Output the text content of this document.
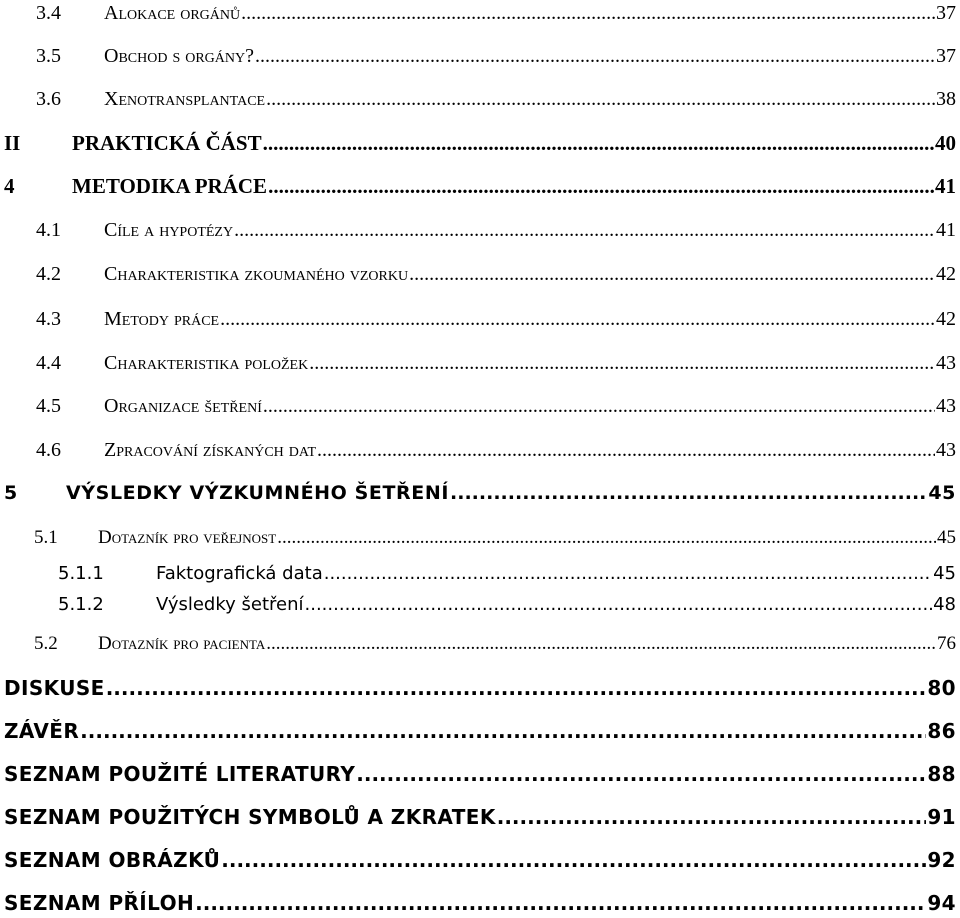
3.4	Alokace orgánů .....	37
3.5	Obchod s orgány? .....	37
3.6	Xenotransplantace .....	38
II	PRAKTICKÁ ČÁST .....	40
4	METODIKA PRÁCE .....	41
4.1	Cíle a hypotézy .....	41
4.2	Charakteristika zkoumaného vzorku .....	42
4.3	Metody práce .....	42
4.4	Charakteristika položek .....	43
4.5	Organizace šetření .....	43
4.6	Zpracování získaných dat .....	43
5	VÝSLEDKY VÝZKUMNÉHO ŠETŘENÍ .....	45
5.1	Dotazník pro veřejnost .....	45
5.1.1	Faktografická data .....	45
5.1.2	Výsledky šetření .....	48
5.2	Dotazník pro pacienta .....	76
DISKUSE .....	80
ZÁVĚR .....	86
SEZNAM POUŽITÉ LITERATURY .....	88
SEZNAM POUŽITÝCH SYMBOLŮ A ZKRATEK .....	91
SEZNAM OBRÁZKŮ .....	92
SEZNAM PŘÍLOH .....	94
